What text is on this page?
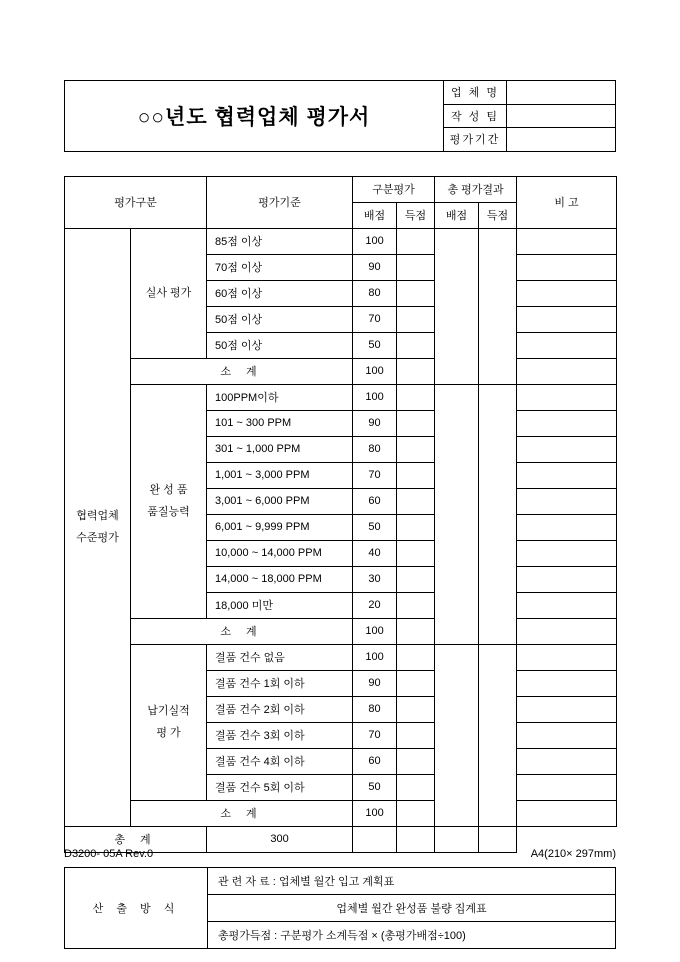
○○년도 협력업체 평가서	업 체 명	
	작 성 팀	
	평가기간	
평가구분		평가기준	구분평가		총 평가결과		비 고
			배점	득점	배점	득점	

협력업체
수준평가	실사 평가	85점 이상	100				
		70점 이상	90				
		60점 이상	80				
		50점 이상	70				
		50점 이상	50				
	소 계		100				

	완 성 품
품질능력	100PPM이하	100				
		101 ~ 300 PPM	90				
		301 ~ 1,000 PPM	80				
		1,001 ~ 3,000 PPM	70				
		3,001 ~ 6,000 PPM	60				
		6,001 ~ 9,999 PPM	50				
		10,000 ~ 14,000 PPM	40				
		14,000 ~ 18,000 PPM	30				
		18,000 미만	20				
	소 계		100				

	납기실적
평 가	결품 건수 없음	100				
		결품 건수 1회 이하	90				
		결품 건수 2회 이하	80				
		결품 건수 3회 이하	70				
		결품 건수 4회 이하	60				
		결품 건수 5회 이하	50				
	소 계		100				
총 계		300					
산 출 방 식	관 련 자 료 : 업체별 월간 입고 계획표
업체별 월간 완성품 불량 집계표
총평가득점 : 구분평가 소계득점 × (총평가배점÷100)
D3200- 05A Rev.0	A4(210× 297mm)
